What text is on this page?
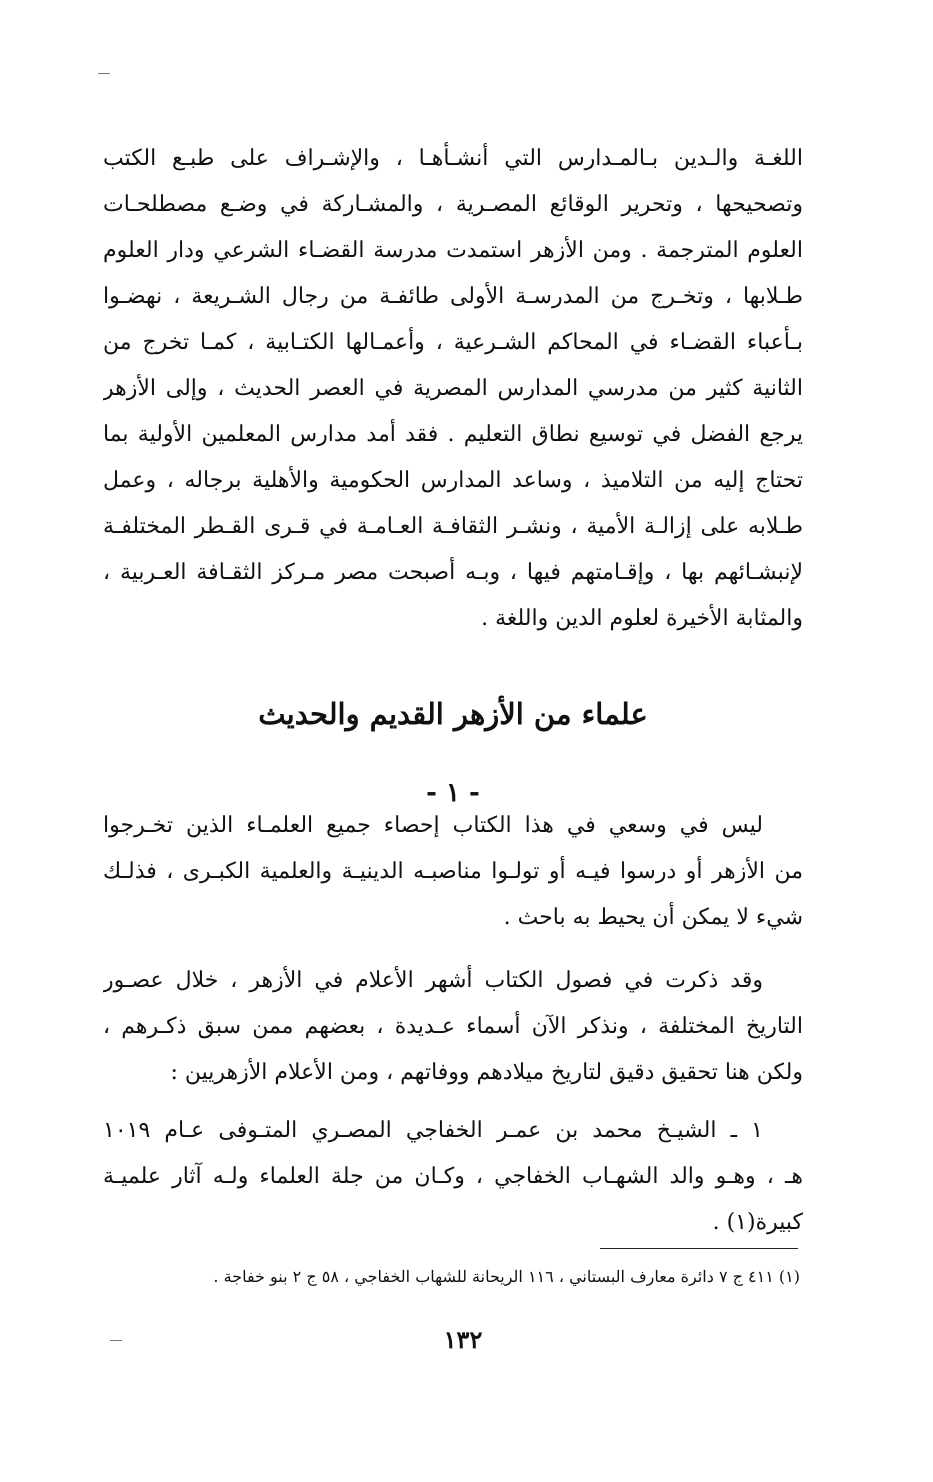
اللغـة والـدين بـالمـدارس التي أنشـأهـا ، والإشـراف على طبـع الكتب
وتصحيحها ، وتحرير الوقائع المصـرية ، والمشـاركة في وضـع مصطلحـات
العلوم المترجمة . ومن الأزهر استمدت مدرسة القضـاء الشرعي ودار العلوم
طـلابها ، وتخـرج من المدرسـة الأولى طائفـة من رجال الشـريعة ، نهضـوا
بـأعباء القضـاء في المحاكم الشـرعية ، وأعمـالها الكتـابية ، كمـا تخرج من
الثانية كثير من مدرسي المدارس المصرية في العصر الحديث ، وإلى الأزهر
يرجع الفضل في توسيع نطاق التعليم . فقد أمد مدارس المعلمين الأولية بما
تحتاج إليه من التلاميذ ، وساعد المدارس الحكومية والأهلية برجاله ، وعمل
طـلابه على إزالـة الأمية ، ونشـر الثقافـة العـامـة في قـرى القـطر المختلفـة
لإنبشـائهم بها ، وإقـامتهم فيها ، وبـه أصبحت مصر مـركز الثقـافة العـربية ،
والمثابة الأخيرة لعلوم الدين واللغة .
علماء من الأزهر القديم والحديث
- ١ -
ليس في وسعي في هذا الكتاب إحصاء جميع العلمـاء الذين تخـرجوا
من الأزهر أو درسوا فيـه أو تولـوا مناصبـه الدينيـة والعلمية الكبـرى ، فذلـك
شيء لا يمكن أن يحيط به باحث .
وقد ذكرت في فصول الكتاب أشهر الأعلام في الأزهر ، خلال عصـور
التاريخ المختلفة ، ونذكر الآن أسماء عـديدة ، بعضهم ممن سبق ذكـرهم ،
ولكن هنا تحقيق دقيق لتاريخ ميلادهم ووفاتهم ، ومن الأعلام الأزهريين :
١ ـ الشيـخ محمد بن عمـر الخفاجي المصـري المتـوفى عـام ١٠١٩
هـ ، وهـو والد الشهـاب الخفاجي ، وكـان من جلة العلماء ولـه آثار علميـة
كبيرة(١) .
(١) ٤١١ ج ٧ دائرة معارف البستاني ، ١١٦ الريحانة للشهاب الخفاجي ، ٥٨ ج ٢ بنو خفاجة .
١٣٢
